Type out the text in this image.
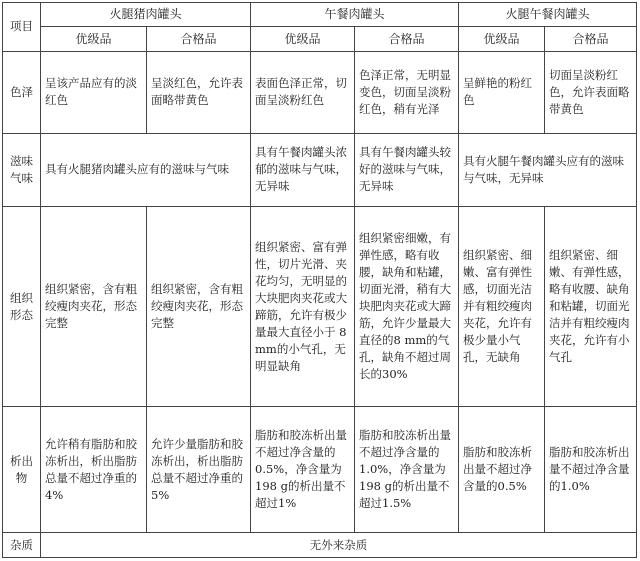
项目	火腿猪肉罐头		午餐肉罐头		火腿午餐肉罐头	
	优级品	合格品	优级品	合格品	优级品	合格品
色泽	呈该产品应有的淡红色	呈淡红色，允许表面略带黄色	表面色泽正常，切面呈淡粉红色	色泽正常，无明显变色，切面呈淡粉红色，稍有光泽	呈鲜艳的粉红色	切面呈淡粉红色，允许表面略带黄色
滋味气味	具有火腿猪肉罐头应有的滋味与气味		具有午餐肉罐头浓郁的滋味与气味，无异味	具有午餐肉罐头较好的滋味与气味，无异味	具有火腿午餐肉罐头应有的滋味与气味，无异味	
组织形态	组织紧密，含有粗绞瘦肉夹花，形态完整	组织紧密，含有粗绞瘦肉夹花，形态完整	组织紧密、富有弹性，切片光滑、夹花均匀，无明显的大块肥肉夹花或大蹄筋，允许有极少量最大直径小于 8 mm的小气孔，无明显缺角	组织紧密细嫩，有弹性感，略有收腰，缺角和粘罐，切面光滑，稍有大块肥肉夹花或大蹄筋，允许少量最大直径的8 mm的气孔，缺角不超过周长的30%	组织紧密、细嫩、富有弹性感，切面光洁并有粗绞瘦肉夹花，允许有极少量小气孔，无缺角	组织紧密、细嫩、有弹性感，略有收腰、缺角和粘罐，切面光洁并有粗绞瘦肉夹花，允许有小气孔
析出物	允许稍有脂肪和胶冻析出，析出脂肪总量不超过净重的4%	允许少量脂肪和胶冻析出，析出脂肪总量不超过净重的5%	脂肪和胶冻析出量不超过净含量的0.5%，净含量为198 g的析出量不超过1%	脂肪和胶冻析出量不超过净含量的1.0%，净含量为198 g的析出量不超过1.5%	脂肪和胶冻析出量不超过净含量的0.5%	脂肪和胶冻析出量不超过净含量的1.0%
杂质	无外来杂质					
